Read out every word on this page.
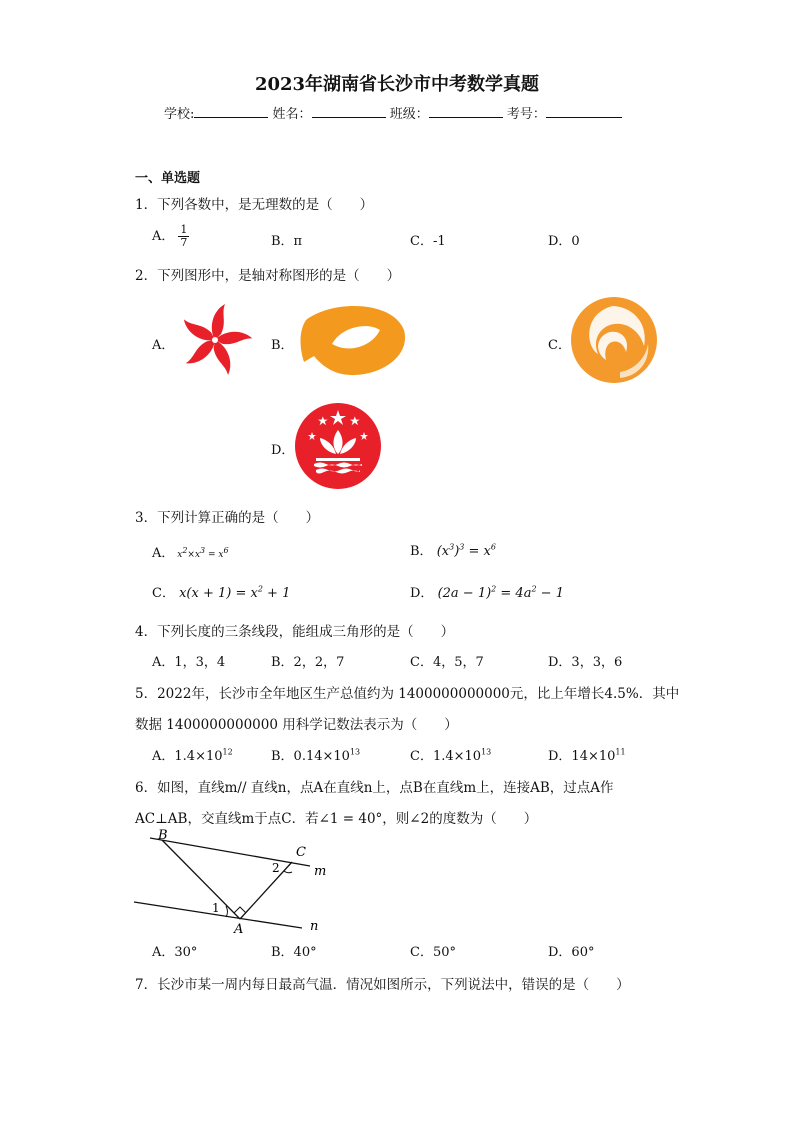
2023年湖南省长沙市中考数学真题
学校:	姓名：	班级：	考号：
一、单选题
1．下列各数中，是无理数的是（　　）
A． $\frac{1}{7}$	B．π	C．-1	D．0
2．下列图形中，是轴对称图形的是（　　）
A．	B．	C．
D．
3．下列计算正确的是（　　）
A． $x^2\times x^3 = x^6$	B． $(x^3)^3 = x^6$
C． $x(x + 1) = x^2 + 1$	D． $(2a - 1)^2 = 4a^2 - 1$
4．下列长度的三条线段，能组成三角形的是（　　）
A．1，3，4	B．2，2，7	C．4，5，7	D．3，3，6
5．2022年，长沙市全年地区生产总值约为 1400000000000元，比上年增长4.5%．其中
数据 1400000000000 用科学记数法表示为（　　）
A．$1.4\times 10^{12}$	B．$0.14\times 10^{13}$	C．$1.4\times 10^{13}$	D．$14\times 10^{11}$
6．如图，直线m// 直线n，点A在直线n上，点B在直线m上，连接AB，过点A作
AC⊥AB，交直线m于点C．若∠1 = 40°，则∠2的度数为（　　）
B
C
A
m
n
1
2
A．30°	B．40°	C．50°	D．60°
7．长沙市某一周内每日最高气温．情况如图所示，下列说法中，错误的是（　　）
